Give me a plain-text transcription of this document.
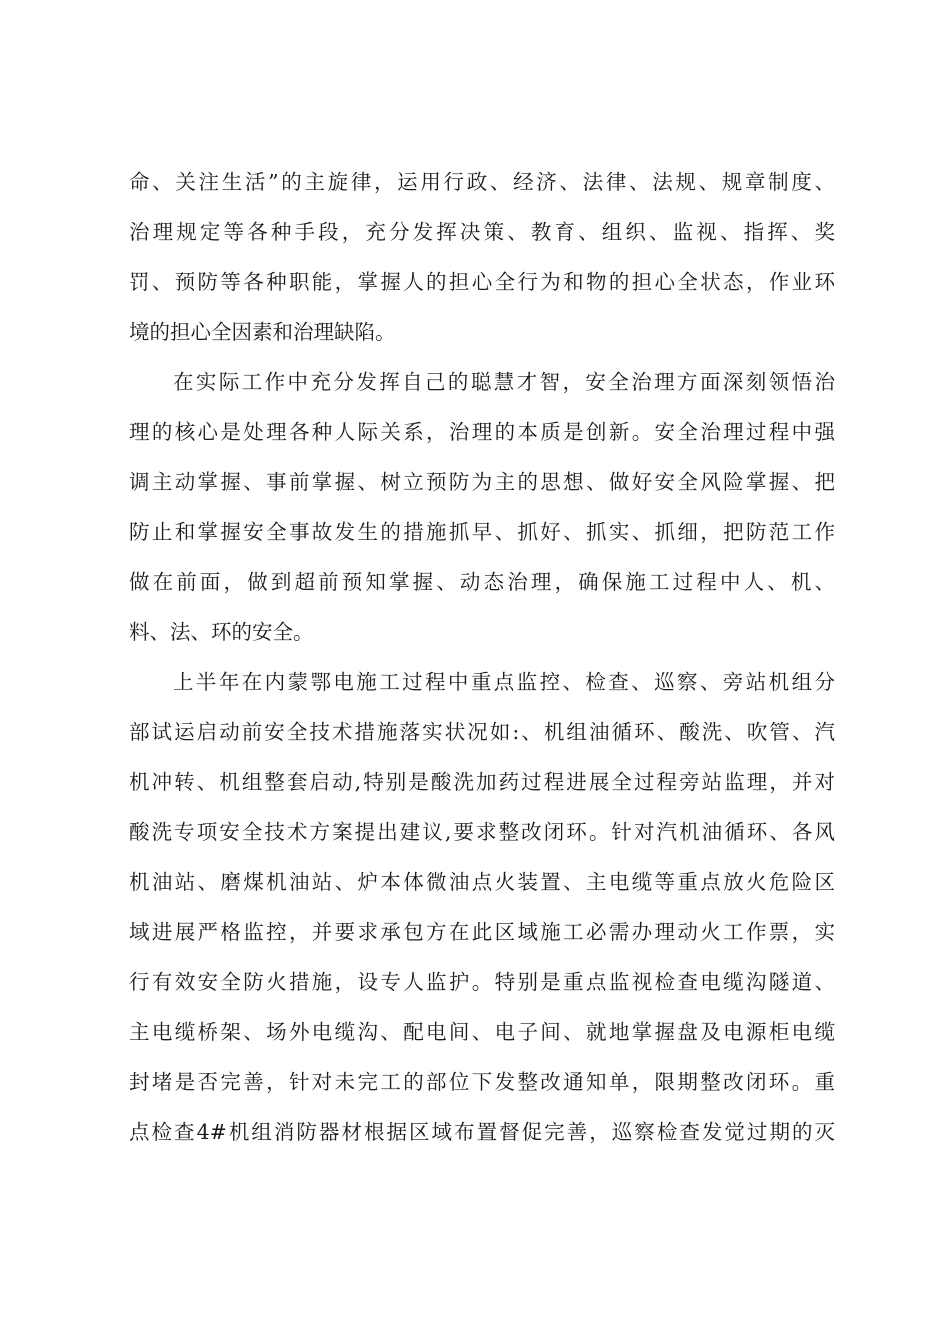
命、关注生活”的主旋律，运用行政、经济、法律、法规、规章制度、
治理规定等各种手段，充分发挥决策、教育、组织、监视、指挥、奖
罚、预防等各种职能，掌握人的担心全行为和物的担心全状态，作业环
境的担心全因素和治理缺陷。
在实际工作中充分发挥自己的聪慧才智，安全治理方面深刻领悟治
理的核心是处理各种人际关系，治理的本质是创新。安全治理过程中强
调主动掌握、事前掌握、树立预防为主的思想、做好安全风险掌握、把
防止和掌握安全事故发生的措施抓早、抓好、抓实、抓细，把防范工作
做在前面，做到超前预知掌握、动态治理，确保施工过程中人、机、
料、法、环的安全。
上半年在内蒙鄂电施工过程中重点监控、检查、巡察、旁站机组分
部试运启动前安全技术措施落实状况如:、机组油循环、酸洗、吹管、汽
机冲转、机组整套启动,特别是酸洗加药过程进展全过程旁站监理，并对
酸洗专项安全技术方案提出建议,要求整改闭环。针对汽机油循环、各风
机油站、磨煤机油站、炉本体微油点火装置、主电缆等重点放火危险区
域进展严格监控，并要求承包方在此区域施工必需办理动火工作票，实
行有效安全防火措施，设专人监护。特别是重点监视检查电缆沟隧道、
主电缆桥架、场外电缆沟、配电间、电子间、就地掌握盘及电源柜电缆
封堵是否完善，针对未完工的部位下发整改通知单，限期整改闭环。重
点检查4#机组消防器材根据区域布置督促完善，巡察检查发觉过期的灭
